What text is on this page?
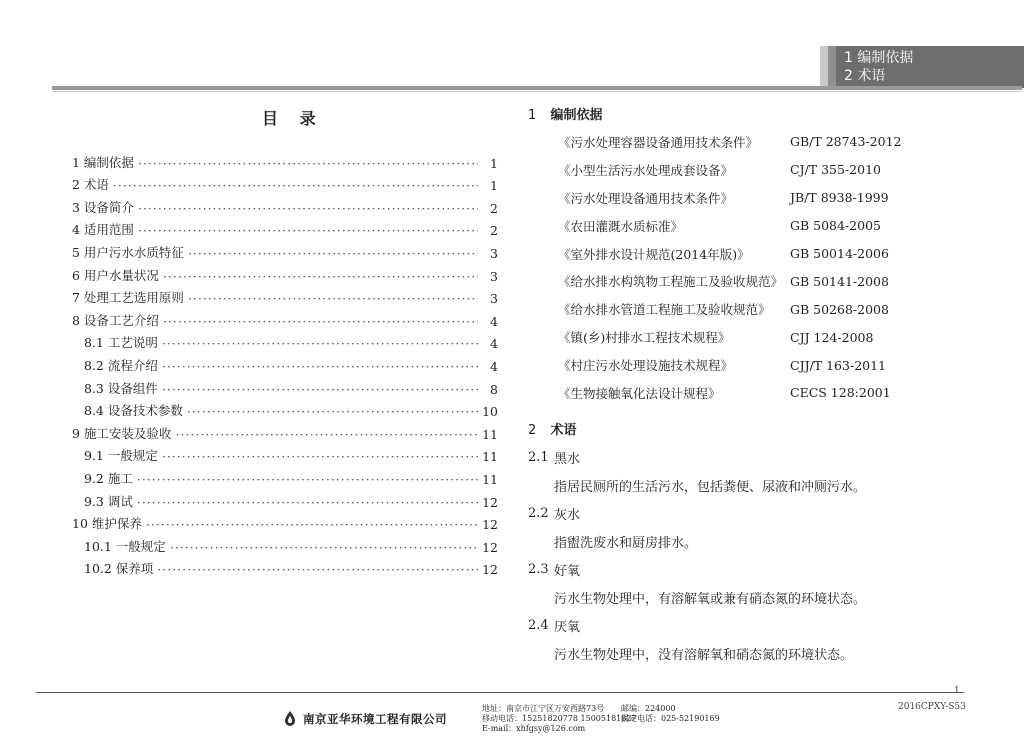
1 编制依据
2 术语
目 录
1 编制依据 ·····	1
2 术语 ·····	1
3 设备简介 ·····	2
4 适用范围 ·····	2
5 用户污水水质特征 ·····	3
6 用户水量状况 ·····	3
7 处理工艺选用原则 ·····	3
8 设备工艺介绍 ·····	4
8.1 工艺说明 ·····	4
8.2 流程介绍 ·····	4
8.3 设备组件 ·····	8
8.4 设备技术参数 ·····	10
9 施工安装及验收 ·····	11
9.1 一般规定 ·····	11
9.2 施工 ·····	11
9.3 调试 ·····	12
10 维护保养 ·····	12
10.1 一般规定 ·····	12
10.2 保养项 ·····	12
1 编制依据
《污水处理容器设备通用技术条件》	GB/T 28743-2012
《小型生活污水处理成套设备》	CJ/T 355-2010
《污水处理设备通用技术条件》	JB/T 8938-1999
《农田灌溉水质标准》	GB 5084-2005
《室外排水设计规范(2014年版)》	GB 50014-2006
《给水排水构筑物工程施工及验收规范》 GB 50141-2008
《给水排水管道工程施工及验收规范》	GB 50268-2008
《镇(乡)村排水工程技术规程》	CJJ 124-2008
《村庄污水处理设施技术规程》	CJJ/T 163-2011
《生物接触氧化法设计规程》	CECS 128:2001
2 术语
2.1 黑水
指居民厕所的生活污水，包括粪便、尿液和冲厕污水。
2.2 灰水
指盥洗废水和厨房排水。
2.3 好氧
污水生物处理中，有溶解氧或兼有硝态氮的环境状态。
2.4 厌氧
污水生物处理中，没有溶解氧和硝态氮的环境状态。
1
2016CPXY-S53
南京亚华环境工程有限公司
地址：南京市江宁区万安西路73号
移动电话：15251820778 15005181827
E-mail：xhfgsy@126.com
邮编：224000
固定电话：025-52190169
